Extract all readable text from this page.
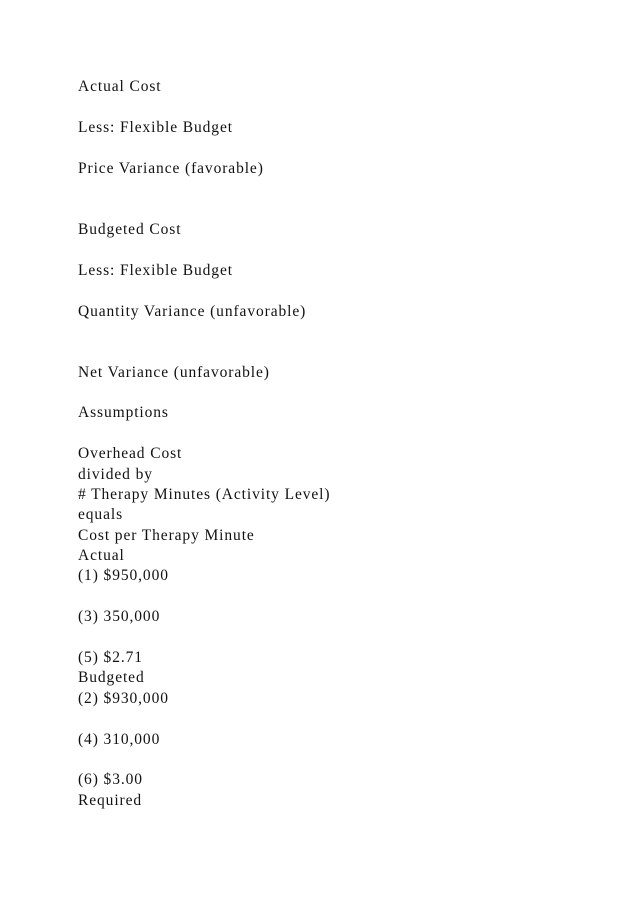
Actual Cost
Less: Flexible Budget
Price Variance (favorable)
Budgeted Cost
Less: Flexible Budget
Quantity Variance (unfavorable)
Net Variance (unfavorable)
Assumptions
Overhead Cost
divided by
# Therapy Minutes (Activity Level)
equals
Cost per Therapy Minute
Actual
(1) $950,000
(3) 350,000
(5) $2.71
Budgeted
(2) $930,000
(4) 310,000
(6) $3.00
Required
